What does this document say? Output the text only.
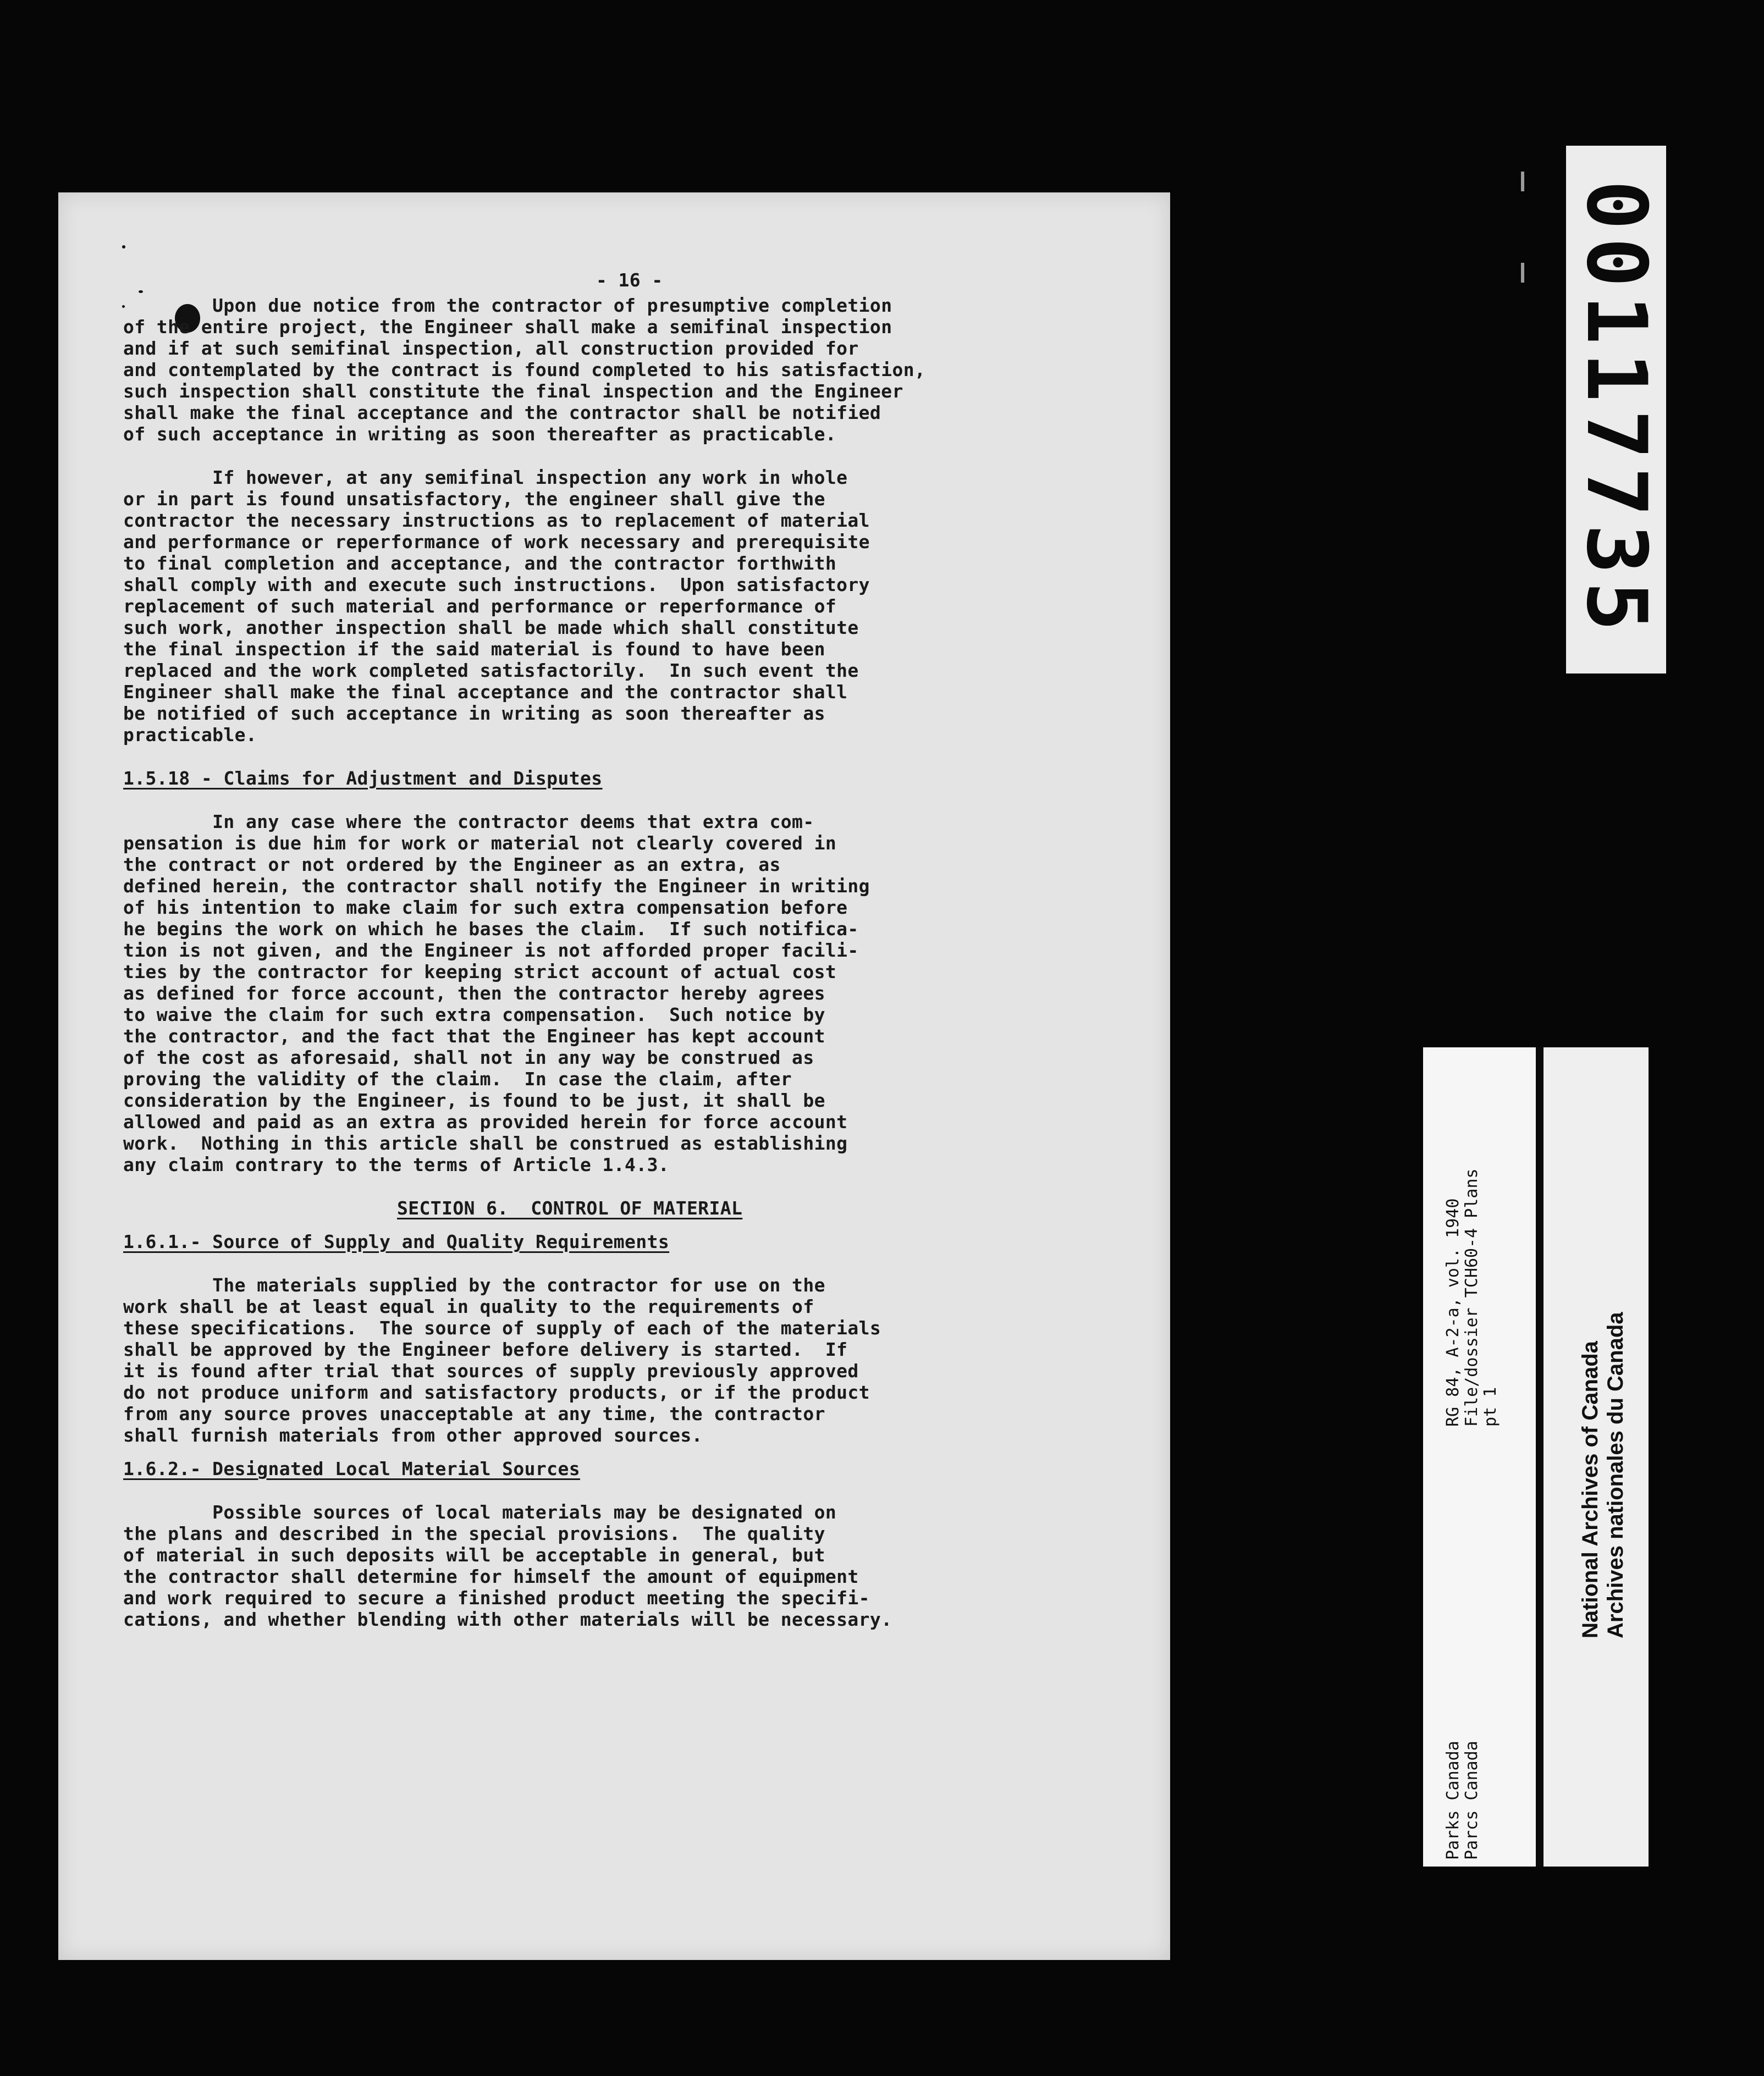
- 16 -

Upon due notice from the contractor of presumptive completion
of the entire project, the Engineer shall make a semifinal inspection
and if at such semifinal inspection, all construction provided for
and contemplated by the contract is found completed to his satisfaction,
such inspection shall constitute the final inspection and the Engineer
shall make the final acceptance and the contractor shall be notified
of such acceptance in writing as soon thereafter as practicable.

If however, at any semifinal inspection any work in whole
or in part is found unsatisfactory, the engineer shall give the
contractor the necessary instructions as to replacement of material
and performance or reperformance of work necessary and prerequisite
to final completion and acceptance, and the contractor forthwith
shall comply with and execute such instructions.  Upon satisfactory
replacement of such material and performance or reperformance of
such work, another inspection shall be made which shall constitute
the final inspection if the said material is found to have been
replaced and the work completed satisfactorily.  In such event the
Engineer shall make the final acceptance and the contractor shall
be notified of such acceptance in writing as soon thereafter as
practicable.

1.5.18 - Claims for Adjustment and Disputes

In any case where the contractor deems that extra com-
pensation is due him for work or material not clearly covered in
the contract or not ordered by the Engineer as an extra, as
defined herein, the contractor shall notify the Engineer in writing
of his intention to make claim for such extra compensation before
he begins the work on which he bases the claim.  If such notifica-
tion is not given, and the Engineer is not afforded proper facili-
ties by the contractor for keeping strict account of actual cost
as defined for force account, then the contractor hereby agrees
to waive the claim for such extra compensation.  Such notice by
the contractor, and the fact that the Engineer has kept account
of the cost as aforesaid, shall not in any way be construed as
proving the validity of the claim.  In case the claim, after
consideration by the Engineer, is found to be just, it shall be
allowed and paid as an extra as provided herein for force account
work.  Nothing in this article shall be construed as establishing
any claim contrary to the terms of Article 1.4.3.

SECTION 6.  CONTROL OF MATERIAL

1.6.1.- Source of Supply and Quality Requirements

The materials supplied by the contractor for use on the
work shall be at least equal in quality to the requirements of
these specifications.  The source of supply of each of the materials
shall be approved by the Engineer before delivery is started.  If
it is found after trial that sources of supply previously approved
do not produce uniform and satisfactory products, or if the product
from any source proves unacceptable at any time, the contractor
shall furnish materials from other approved sources.

1.6.2.- Designated Local Material Sources

Possible sources of local materials may be designated on
the plans and described in the special provisions.  The quality
of material in such deposits will be acceptable in general, but
the contractor shall determine for himself the amount of equipment
and work required to secure a finished product meeting the specifi-
cations, and whether blending with other materials will be necessary.

00117735
RG 84, A-2-a, vol. 1940 File/dossier TCH60-4 Plans pt 1
Parks Canada Parcs Canada
National Archives of Canada Archives nationales du Canada
